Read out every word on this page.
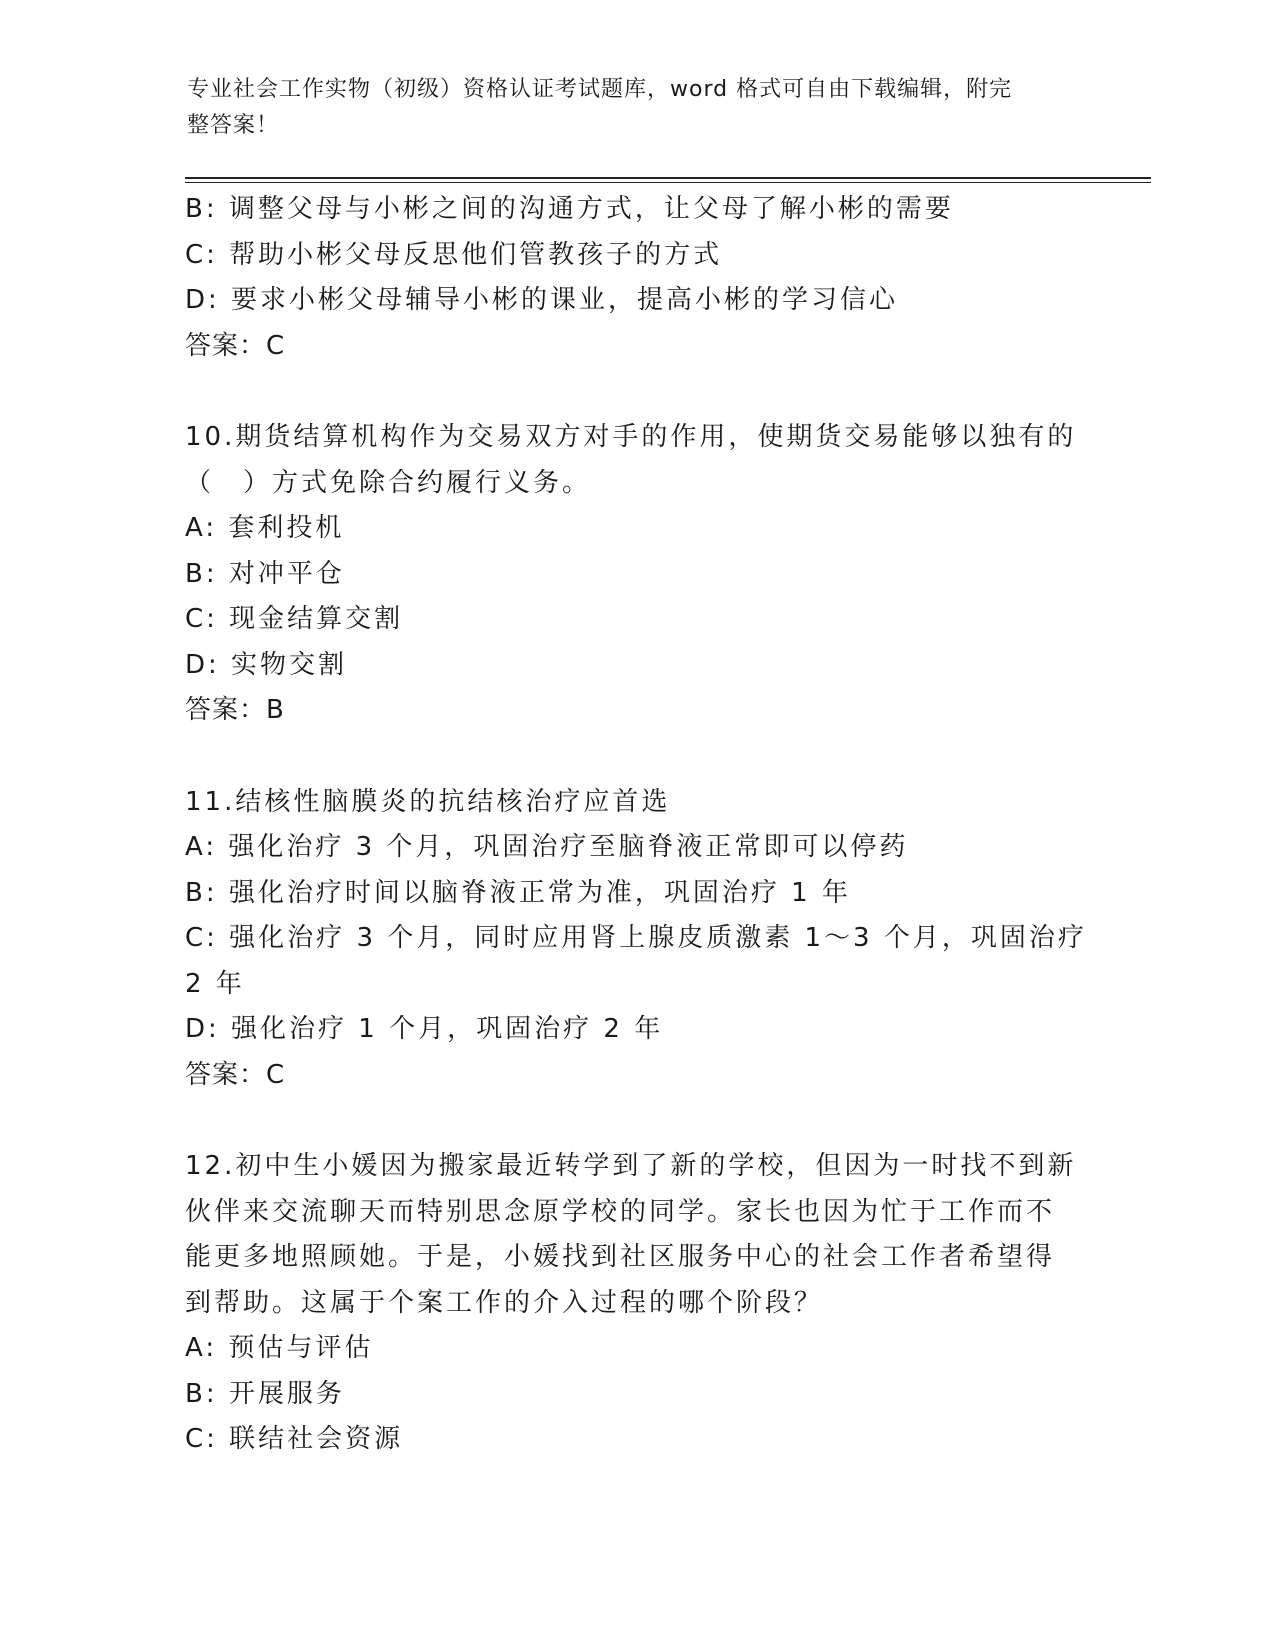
专业社会工作实物（初级）资格认证考试题库，word 格式可自由下载编辑，附完
整答案！
B: 调整父母与小彬之间的沟通方式，让父母了解小彬的需要
C: 帮助小彬父母反思他们管教孩子的方式
D: 要求小彬父母辅导小彬的课业，提高小彬的学习信心
答案：C
10.期货结算机构作为交易双方对手的作用，使期货交易能够以独有的
（　）方式免除合约履行义务。
A: 套利投机
B: 对冲平仓
C: 现金结算交割
D: 实物交割
答案：B
11.结核性脑膜炎的抗结核治疗应首选
A: 强化治疗 3 个月，巩固治疗至脑脊液正常即可以停药
B: 强化治疗时间以脑脊液正常为准，巩固治疗 1 年
C: 强化治疗 3 个月，同时应用肾上腺皮质激素 1～3 个月，巩固治疗
2 年
D: 强化治疗 1 个月，巩固治疗 2 年
答案：C
12.初中生小媛因为搬家最近转学到了新的学校，但因为一时找不到新
伙伴来交流聊天而特别思念原学校的同学。家长也因为忙于工作而不
能更多地照顾她。于是，小媛找到社区服务中心的社会工作者希望得
到帮助。这属于个案工作的介入过程的哪个阶段？
A: 预估与评估
B: 开展服务
C: 联结社会资源
